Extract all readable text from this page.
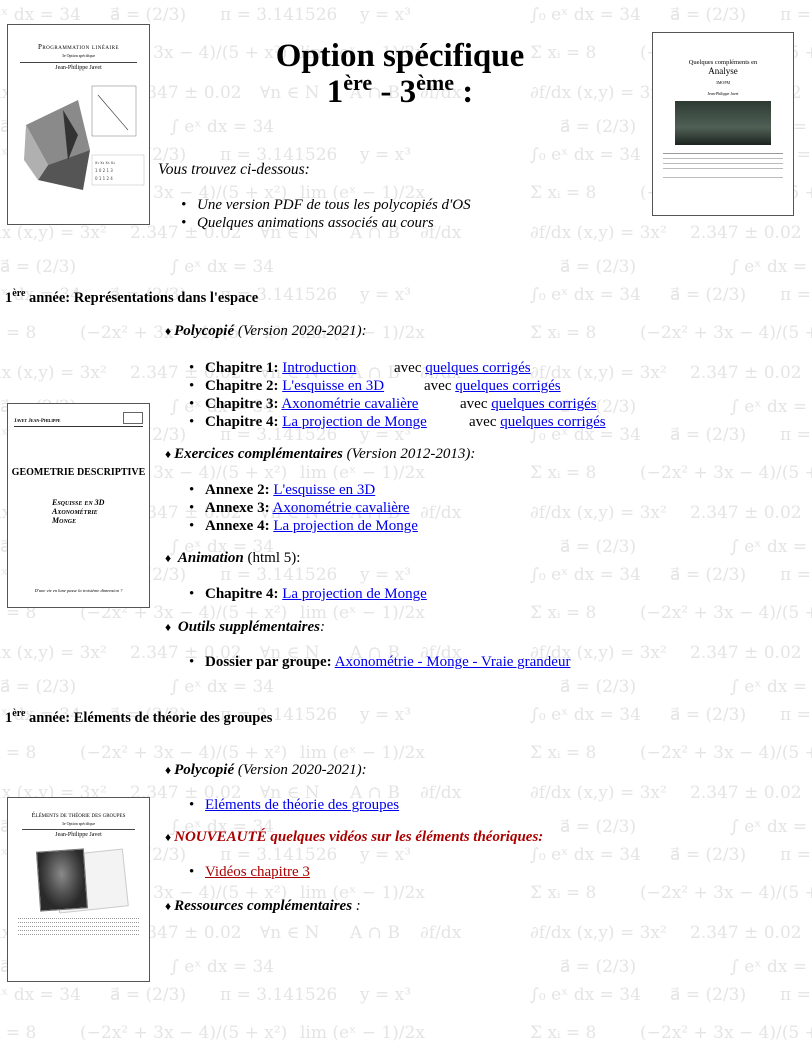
Option spécifique
1ère - 3ème :
Programmation linéaire
3e Option spécifique
Jean-Philippe Javet
x₁ x₂ x₃ x₄
1 0 2 1 3
0 1 1 2 4
Quelques compléments en
Analyse
3MOPM
Jean-Philippe Javet
Vous trouvez ci-dessous:
• Une version PDF de tous les polycopiés d'OS
• Quelques animations associés au cours
1ère année: Représentations dans l'espace
♦ Polycopié (Version 2020-2021):
• Chapitre 1: Introduction	avec quelques corrigés
• Chapitre 2: L'esquisse en 3D	avec quelques corrigés
• Chapitre 3: Axonométrie cavalière	avec quelques corrigés
• Chapitre 4: La projection de Monge	avec quelques corrigés
Javet Jean-Philippe
GEOMETRIE DESCRIPTIVE
Esquisse en 3D
Axonométrie
Monge
D'une vie en lune passe la troisième dimension ?
♦ Exercices complémentaires (Version 2012-2013):
• Annexe 2: L'esquisse en 3D
• Annexe 3: Axonométrie cavalière
• Annexe 4: La projection de Monge
♦ Animation (html 5):
• Chapitre 4: La projection de Monge
♦ Outils supplémentaires:
• Dossier par groupe: Axonométrie - Monge - Vraie grandeur
1ère année: Eléments de théorie des groupes
♦ Polycopié (Version 2020-2021):
• Eléments de théorie des groupes
Éléments de théorie des groupes
3e Option spécifique
Jean-Philippe Javet	♦ NOUVEAUTÉ quelques vidéos sur les éléments théoriques:
• Vidéos chapitre 3
♦ Ressources complémentaires :
